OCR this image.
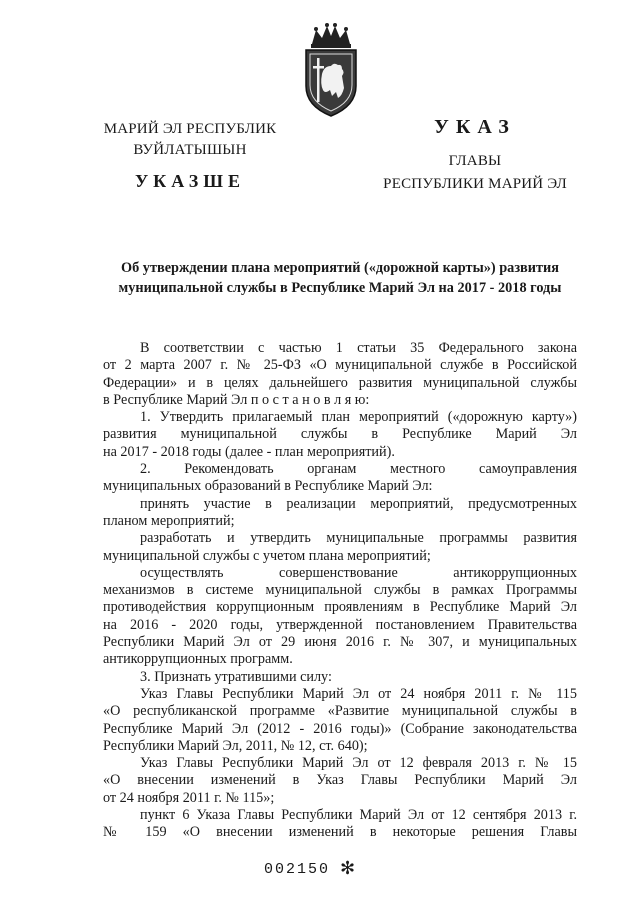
МАРИЙ ЭЛ РЕСПУБЛИК
ВУЙЛАТЫШЫН
УКАЗШЕ
УКАЗ
ГЛАВЫ
РЕСПУБЛИКИ МАРИЙ ЭЛ
Об утверждении плана мероприятий («дорожной карты») развития
муниципальной службы в Республике Марий Эл на 2017 - 2018 годы

В соответствии с частью 1 статьи 35 Федерального закона
от 2 марта 2007 г. № 25-ФЗ «О муниципальной службе в Российской
Федерации» и в целях дальнейшего развития муниципальной службы
в Республике Марий Эл п о с т а н о в л я ю:

1. Утвердить прилагаемый план мероприятий («дорожную карту»)
развития муниципальной службы в Республике Марий Эл
на 2017 - 2018 годы (далее - план мероприятий).

2. Рекомендовать органам местного самоуправления
муниципальных образований в Республике Марий Эл:

принять участие в реализации мероприятий, предусмотренных
планом мероприятий;

разработать и утвердить муниципальные программы развития
муниципальной службы с учетом плана мероприятий;

осуществлять совершенствование антикоррупционных
механизмов в системе муниципальной службы в рамках Программы
противодействия коррупционным проявлениям в Республике Марий Эл
на 2016 - 2020 годы, утвержденной постановлением Правительства
Республики Марий Эл от 29 июня 2016 г. № 307, и муниципальных
антикоррупционных программ.

3. Признать утратившими силу:

Указ Главы Республики Марий Эл от 24 ноября 2011 г. № 115
«О республиканской программе «Развитие муниципальной службы в
Республике Марий Эл (2012 - 2016 годы)» (Собрание законодательства
Республики Марий Эл, 2011, № 12, ст. 640);

Указ Главы Республики Марий Эл от 12 февраля 2013 г. № 15
«О внесении изменений в Указ Главы Республики Марий Эл
от 24 ноября 2011 г. № 115»;

пункт 6 Указа Главы Республики Марий Эл от 12 сентября 2013 г.
№ 159 «О внесении изменений в некоторые решения Главы

002150 ✻
